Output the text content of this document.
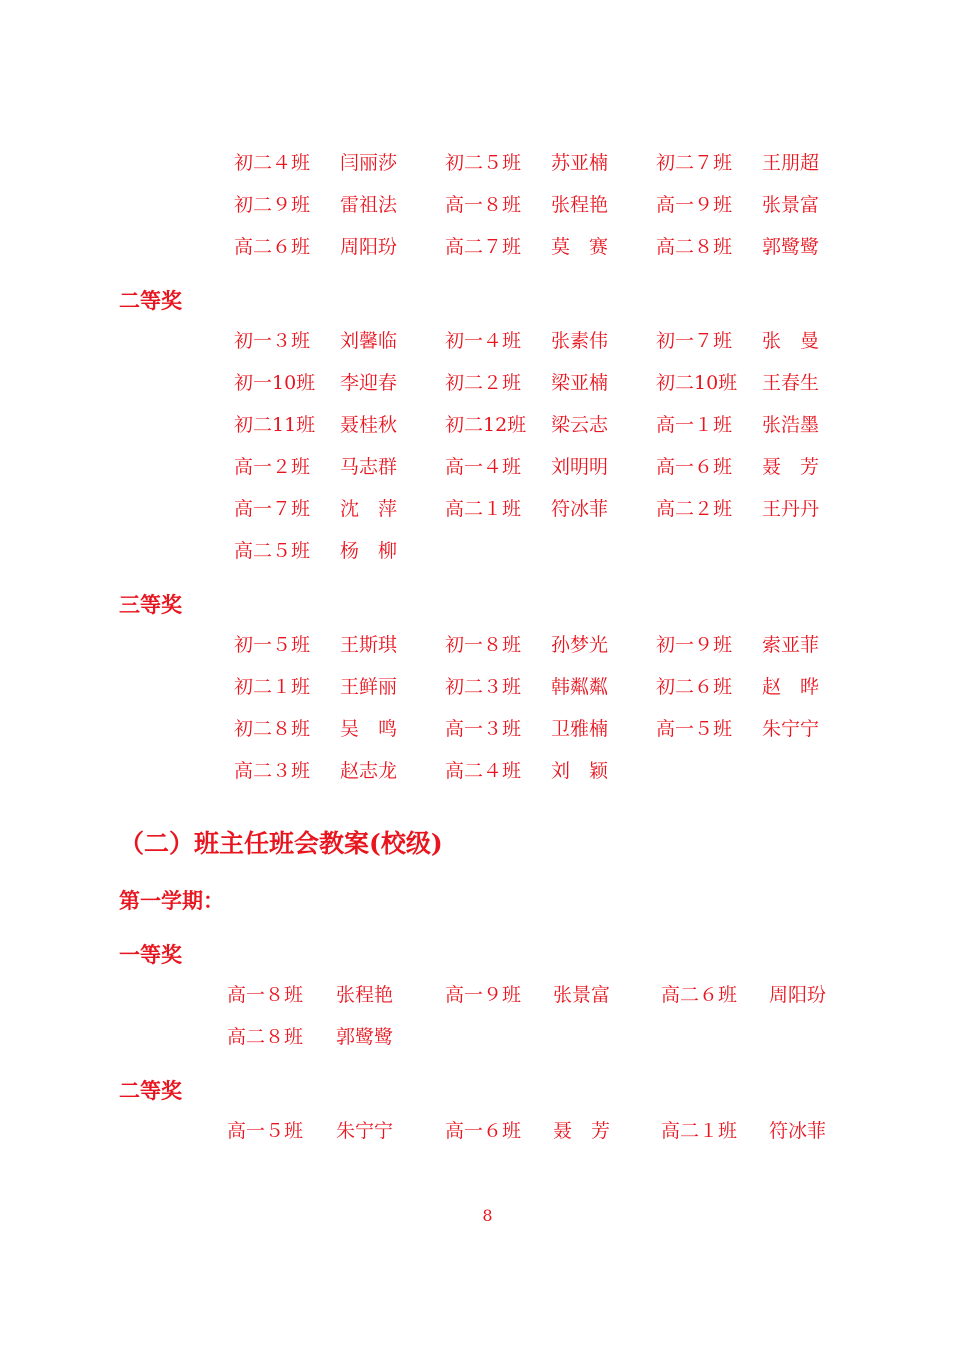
初二４班 闫丽莎	初二５班 苏亚楠	初二７班 王朋超
初二９班 雷祖法	高一８班 张程艳	高一９班 张景富
高二６班 周阳玢	高二７班 莫　赛	高二８班 郭鹭鹭
二等奖
初一３班 刘馨临	初一４班 张素伟	初一７班 张　曼
初一10班 李迎春	初二２班 梁亚楠	初二10班 王春生
初二11班 聂桂秋	初二12班 梁云志	高一１班 张浩墨
高一２班 马志群	高一４班 刘明明	高一６班 聂　芳
高一７班 沈　萍	高二１班 符冰菲	高二２班 王丹丹
高二５班 杨　柳
三等奖
初一５班 王斯琪	初一８班 孙梦光	初一９班 索亚菲
初二１班 王鲜丽	初二３班 韩粼粼	初二６班 赵　晔
初二８班 吴　鸣	高一３班 卫雅楠	高一５班 朱宁宁
高二３班 赵志龙	高二４班 刘　颖
（二）班主任班会教案(校级)
第一学期：
一等奖
高一８班 张程艳	高一９班 张景富	高二６班 周阳玢
高二８班 郭鹭鹭
二等奖
高一５班 朱宁宁	高一６班 聂　芳	高二１班 符冰菲
8
